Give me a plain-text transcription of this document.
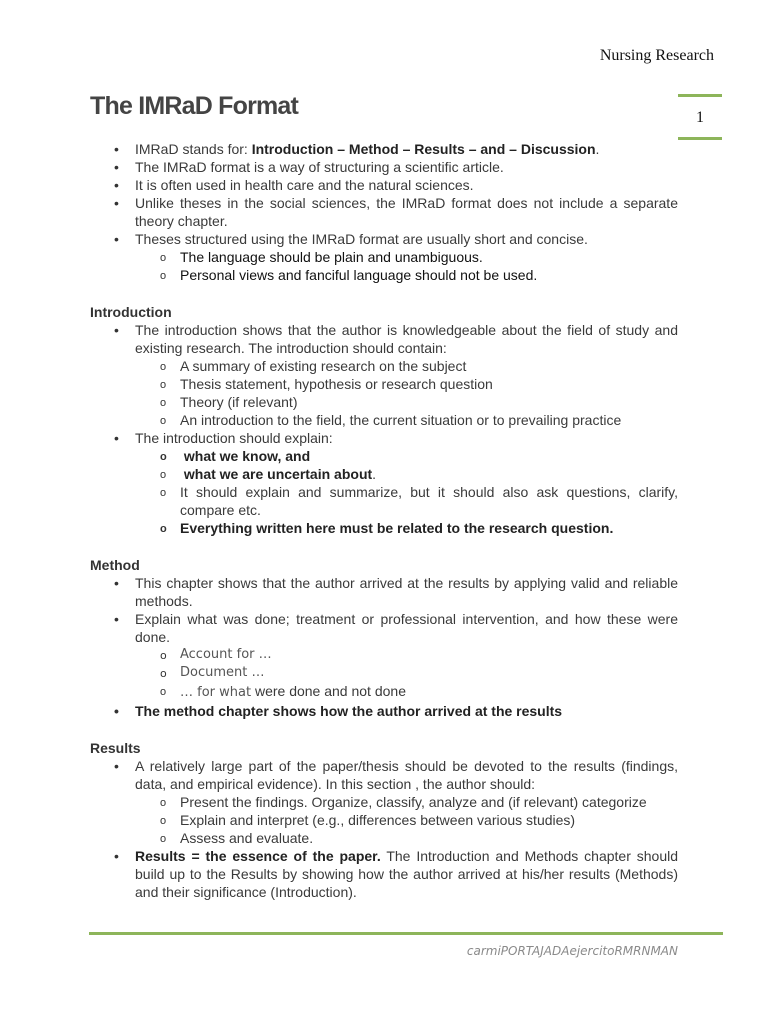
Nursing Research
1
The IMRaD Format
• IMRaD stands for: Introduction – Method – Results – and – Discussion.
• The IMRaD format is a way of structuring a scientific article.
• It is often used in health care and the natural sciences.
• Unlike theses in the social sciences, the IMRaD format does not include a separate theory chapter.
• Theses structured using the IMRaD format are usually short and concise.
o The language should be plain and unambiguous.
o Personal views and fanciful language should not be used.
Introduction
• The introduction shows that the author is knowledgeable about the field of study and existing research. The introduction should contain:
o A summary of existing research on the subject
o Thesis statement, hypothesis or research question
o Theory (if relevant)
o An introduction to the field, the current situation or to prevailing practice
• The introduction should explain:
o what we know, and
o what we are uncertain about.
o It should explain and summarize, but it should also ask questions, clarify, compare etc.
o Everything written here must be related to the research question.
Method
• This chapter shows that the author arrived at the results by applying valid and reliable methods.
• Explain what was done; treatment or professional intervention, and how these were done.
o Account for …
o Document …
o … for what were done and not done
• The method chapter shows how the author arrived at the results
Results
• A relatively large part of the paper/thesis should be devoted to the results (findings, data, and empirical evidence). In this section , the author should:
o Present the findings. Organize, classify, analyze and (if relevant) categorize
o Explain and interpret (e.g., differences between various studies)
o Assess and evaluate.
• Results = the essence of the paper. The Introduction and Methods chapter should build up to the Results by showing how the author arrived at his/her results (Methods) and their significance (Introduction).
carmiPORTAJADAejercitoRMRNMAN
